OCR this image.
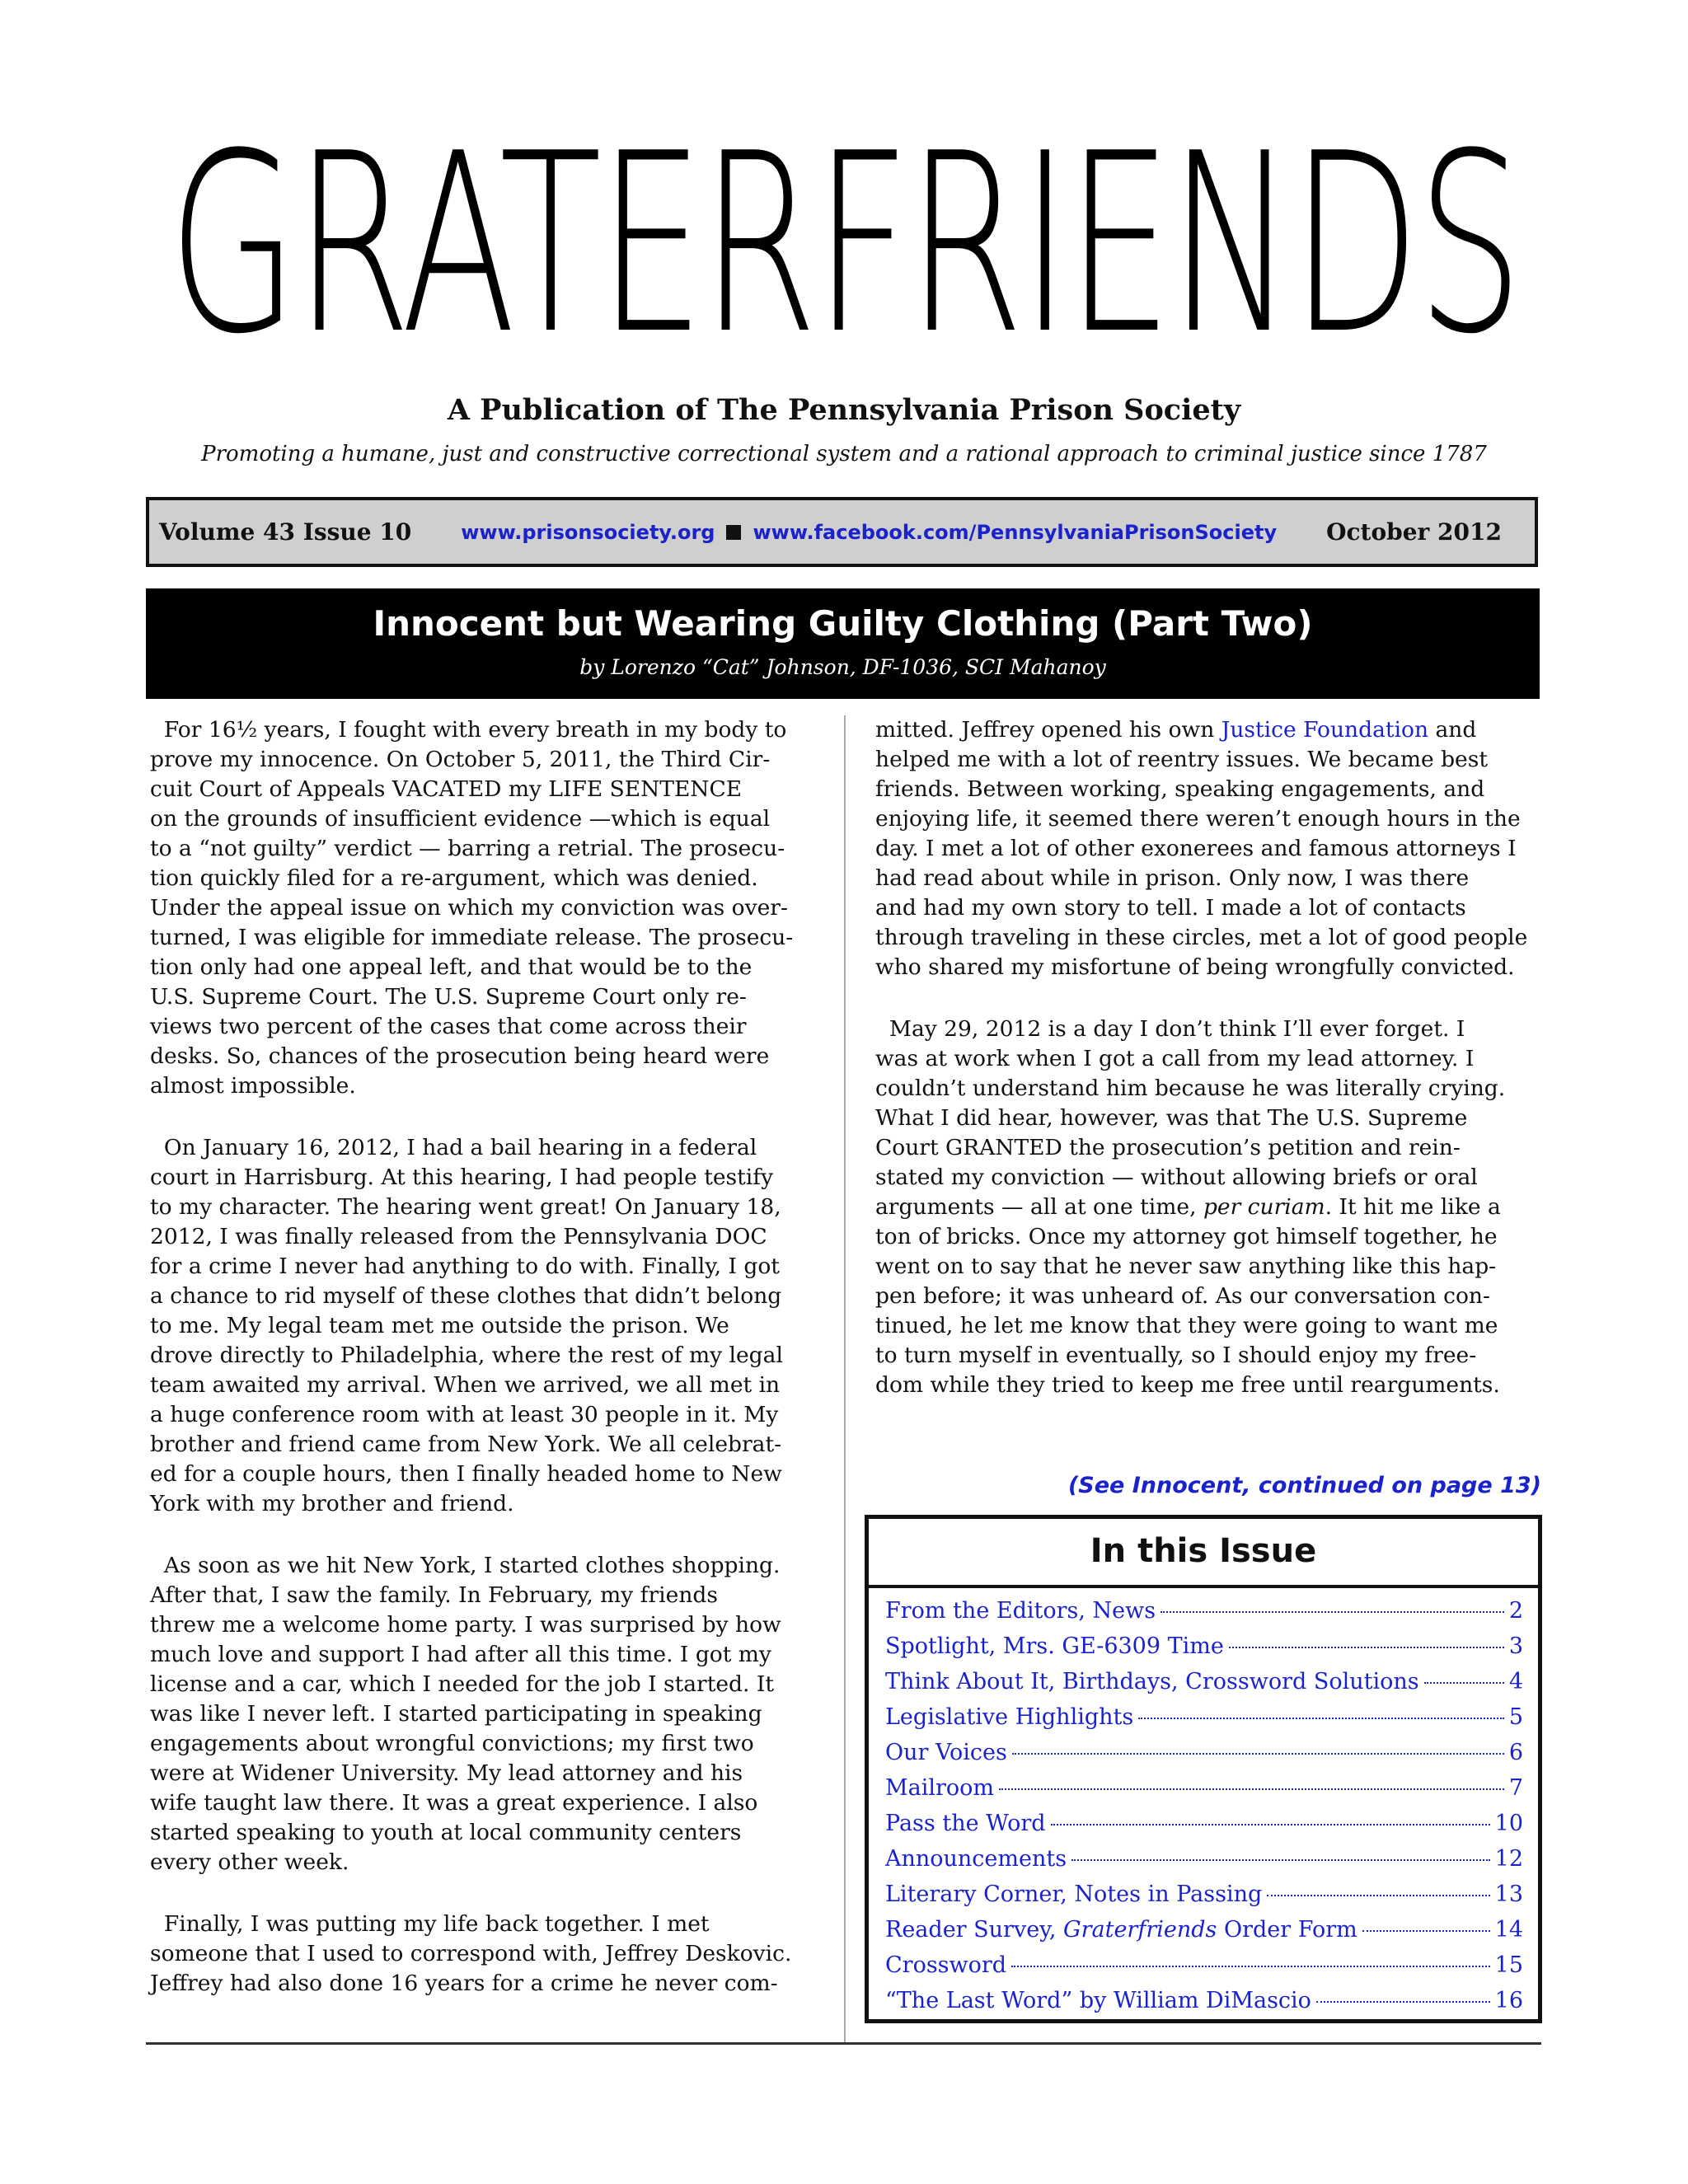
GRATERFRIENDS
A Publication of The Pennsylvania Prison Society
Promoting a humane, just and constructive correctional system and a rational approach to criminal justice since 1787
Volume 43 Issue 10 www.prisonsociety.org www.facebook.com/PennsylvaniaPrisonSociety October 2012
Innocent but Wearing Guilty Clothing (Part Two)
by Lorenzo “Cat” Johnson, DF-1036, SCI Mahanoy

For 16½ years, I fought with every breath in my body to
prove my innocence. On October 5, 2011, the Third Cir-
cuit Court of Appeals VACATED my LIFE SENTENCE
on the grounds of insufficient evidence —which is equal
to a “not guilty” verdict — barring a retrial. The prosecu-
tion quickly filed for a re-argument, which was denied.
Under the appeal issue on which my conviction was over-
turned, I was eligible for immediate release. The prosecu-
tion only had one appeal left, and that would be to the
U.S. Supreme Court. The U.S. Supreme Court only re-
views two percent of the cases that come across their
desks. So, chances of the prosecution being heard were
almost impossible.

On January 16, 2012, I had a bail hearing in a federal
court in Harrisburg. At this hearing, I had people testify
to my character. The hearing went great! On January 18,
2012, I was finally released from the Pennsylvania DOC
for a crime I never had anything to do with. Finally, I got
a chance to rid myself of these clothes that didn’t belong
to me. My legal team met me outside the prison. We
drove directly to Philadelphia, where the rest of my legal
team awaited my arrival. When we arrived, we all met in
a huge conference room with at least 30 people in it. My
brother and friend came from New York. We all celebrat-
ed for a couple hours, then I finally headed home to New
York with my brother and friend.

As soon as we hit New York, I started clothes shopping.
After that, I saw the family. In February, my friends
threw me a welcome home party. I was surprised by how
much love and support I had after all this time. I got my
license and a car, which I needed for the job I started. It
was like I never left. I started participating in speaking
engagements about wrongful convictions; my first two
were at Widener University. My lead attorney and his
wife taught law there. It was a great experience. I also
started speaking to youth at local community centers
every other week.

Finally, I was putting my life back together. I met
someone that I used to correspond with, Jeffrey Deskovic.
Jeffrey had also done 16 years for a crime he never com-

mitted. Jeffrey opened his own Justice Foundation and
helped me with a lot of reentry issues. We became best
friends. Between working, speaking engagements, and
enjoying life, it seemed there weren’t enough hours in the
day. I met a lot of other exonerees and famous attorneys I
had read about while in prison. Only now, I was there
and had my own story to tell. I made a lot of contacts
through traveling in these circles, met a lot of good people
who shared my misfortune of being wrongfully convicted.

May 29, 2012 is a day I don’t think I’ll ever forget. I
was at work when I got a call from my lead attorney. I
couldn’t understand him because he was literally crying.
What I did hear, however, was that The U.S. Supreme
Court GRANTED the prosecution’s petition and rein-
stated my conviction — without allowing briefs or oral
arguments — all at one time, per curiam. It hit me like a
ton of bricks. Once my attorney got himself together, he
went on to say that he never saw anything like this hap-
pen before; it was unheard of. As our conversation con-
tinued, he let me know that they were going to want me
to turn myself in eventually, so I should enjoy my free-
dom while they tried to keep me free until rearguments.

(See Innocent, continued on page 13)
In this Issue
From the Editors, News	2
Spotlight, Mrs. GE-6309 Time	3
Think About It, Birthdays, Crossword Solutions	4
Legislative Highlights	5
Our Voices	6
Mailroom	7
Pass the Word	10
Announcements	12
Literary Corner, Notes in Passing	13
Reader Survey, Graterfriends Order Form	14
Crossword	15
“The Last Word” by William DiMascio	16
